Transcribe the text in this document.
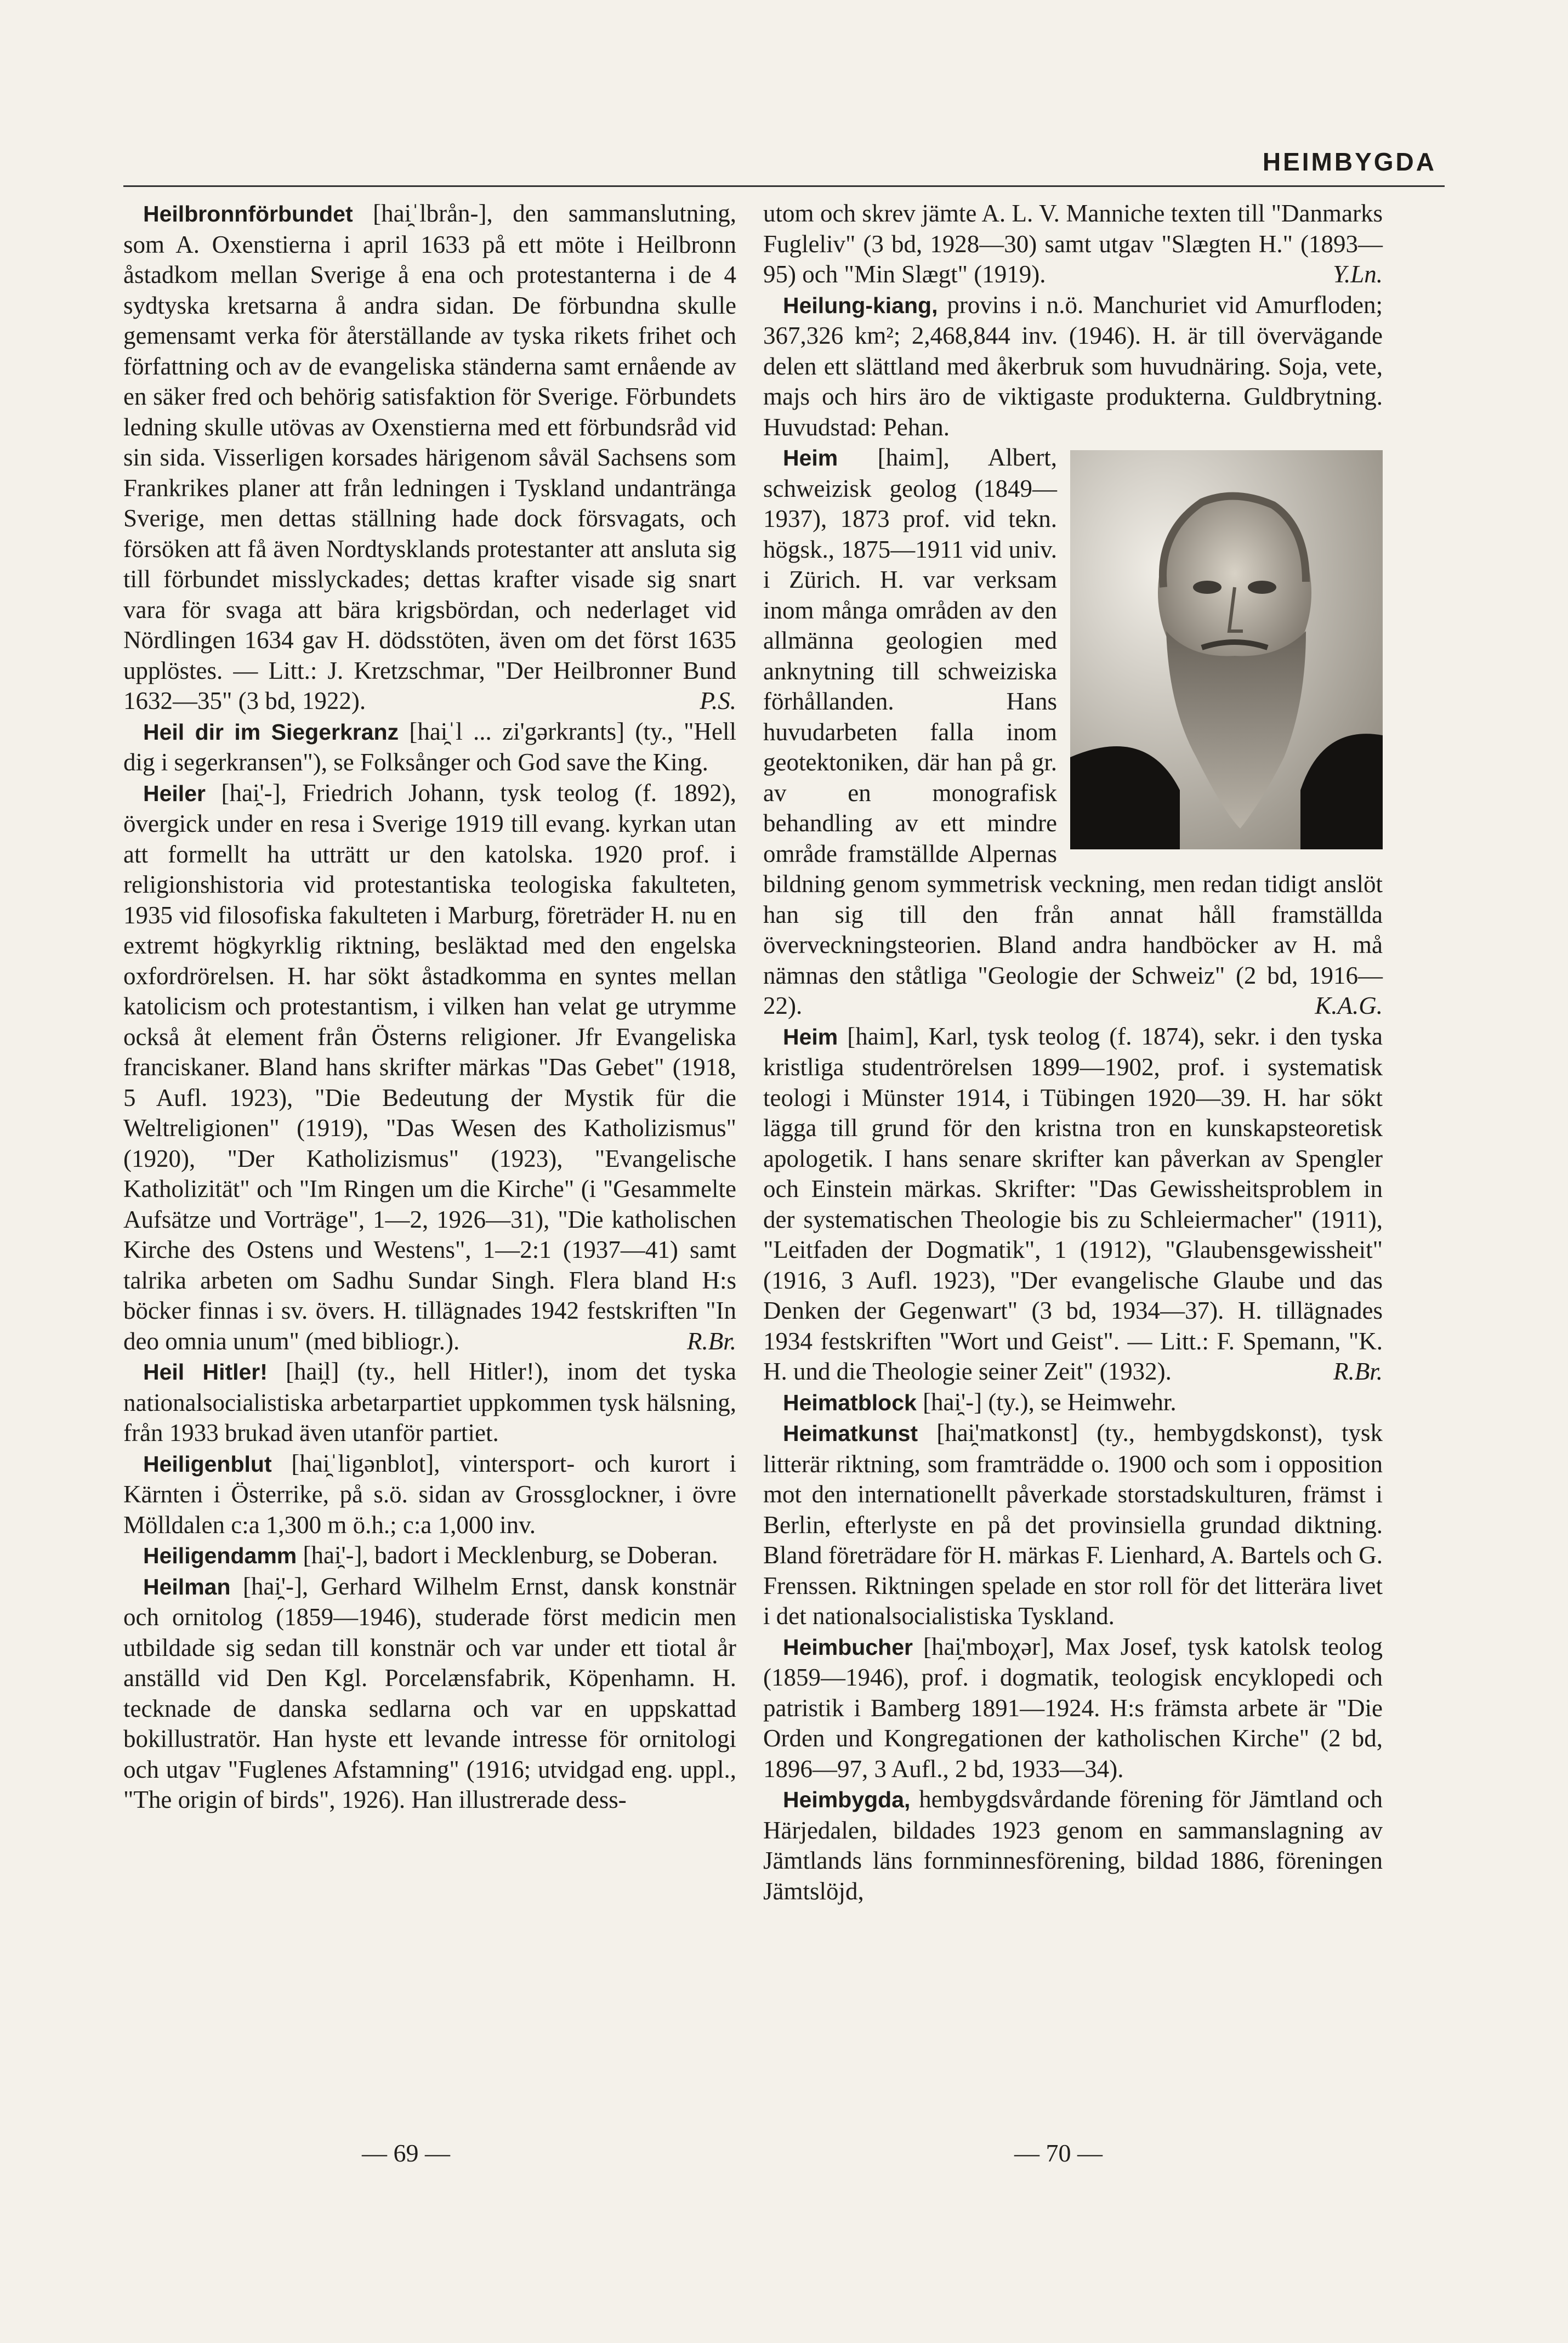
HEIMBYGDA

Heilbronnförbundet [hai̯ˈlbrån-], den sammanslutning, som A. Oxenstierna i april 1633 på ett möte i Heilbronn åstadkom mellan Sverige å ena och protestanterna i de 4 sydtyska kretsarna å andra sidan. De förbundna skulle gemensamt verka för återställande av tyska rikets frihet och författning och av de evangeliska ständerna samt ernående av en säker fred och behörig satisfaktion för Sverige. Förbundets ledning skulle utövas av Oxenstierna med ett förbundsråd vid sin sida. Visserligen korsades härigenom såväl Sachsens som Frankrikes planer att från ledningen i Tyskland undantränga Sverige, men dettas ställning hade dock försvagats, och försöken att få även Nordtysklands protestanter att ansluta sig till förbundet misslyckades; dettas krafter visade sig snart vara för svaga att bära krigsbördan, och nederlaget vid Nördlingen 1634 gav H. dödsstöten, även om det först 1635 upplöstes. — Litt.: J. Kretzschmar, "Der Heilbronner Bund 1632—35" (3 bd, 1922).	P.S.

Heil dir im Siegerkranz [hai̯ˈl ... zi'gərkrants] (ty., "Hell dig i segerkransen"), se Folksånger och God save the King.

Heiler [hai̯'-], Friedrich Johann, tysk teolog (f. 1892), övergick under en resa i Sverige 1919 till evang. kyrkan utan att formellt ha utträtt ur den katolska. 1920 prof. i religionshistoria vid protestantiska teologiska fakulteten, 1935 vid filosofiska fakulteten i Marburg, företräder H. nu en extremt högkyrklig riktning, besläktad med den engelska oxfordrörelsen. H. har sökt åstadkomma en syntes mellan katolicism och protestantism, i vilken han velat ge utrymme också åt element från Österns religioner. Jfr Evangeliska franciskaner. Bland hans skrifter märkas "Das Gebet" (1918, 5 Aufl. 1923), "Die Bedeutung der Mystik für die Weltreligionen" (1919), "Das Wesen des Katholizismus" (1920), "Der Katholizismus" (1923), "Evangelische Katholizität" och "Im Ringen um die Kirche" (i "Gesammelte Aufsätze und Vorträge", 1—2, 1926—31), "Die katholischen Kirche des Ostens und Westens", 1—2:1 (1937—41) samt talrika arbeten om Sadhu Sundar Singh. Flera bland H:s böcker finnas i sv. övers. H. tillägnades 1942 festskriften "In deo omnia unum" (med bibliogr.).	R.Br.

Heil Hitler! [hai̯l] (ty., hell Hitler!), inom det tyska nationalsocialistiska arbetarpartiet uppkommen tysk hälsning, från 1933 brukad även utanför partiet.

Heiligenblut [hai̯ˈligənblot], vintersport- och kurort i Kärnten i Österrike, på s.ö. sidan av Grossglockner, i övre Mölldalen c:a 1,300 m ö.h.; c:a 1,000 inv.

Heiligendamm [hai̯'-], badort i Mecklenburg, se Doberan.

Heilman [hai̯'-], Gerhard Wilhelm Ernst, dansk konstnär och ornitolog (1859—1946), studerade först medicin men utbildade sig sedan till konstnär och var under ett tiotal år anställd vid Den Kgl. Porcelænsfabrik, Köpenhamn. H. tecknade de danska sedlarna och var en uppskattad bokillustratör. Han hyste ett levande intresse för ornitologi och utgav "Fuglenes Afstamning" (1916; utvidgad eng. uppl., "The origin of birds", 1926). Han illustrerade dess-

utom och skrev jämte A. L. V. Manniche texten till "Danmarks Fugleliv" (3 bd, 1928—30) samt utgav "Slægten H." (1893—95) och "Min Slægt" (1919).	Y.Ln.

Heilung-kiang, provins i n.ö. Manchuriet vid Amurfloden; 367,326 km²; 2,468,844 inv. (1946). H. är till övervägande delen ett slättland med åkerbruk som huvudnäring. Soja, vete, majs och hirs äro de viktigaste produkterna. Guldbrytning. Huvudstad: Pehan.

Heim
[haim], Albert, schweizisk geolog (1849—1937), 1873 prof. vid tekn. högsk., 1875—1911 vid univ. i Zürich. H. var verksam inom många områden av den allmänna geologien med anknytning till schweiziska förhållanden. Hans huvudarbeten falla inom geotektoniken, där han på gr. av en monografisk behandling av ett mindre område framställde Alpernas bildning genom symmetrisk veckning, men redan tidigt anslöt han sig till den från annat håll framställda överveckningsteorien. Bland andra handböcker av H. må nämnas den ståtliga "Geologie der Schweiz" (2 bd, 1916—22).	K.A.G.

Heim [haim], Karl, tysk teolog (f. 1874), sekr. i den tyska kristliga studentrörelsen 1899—1902, prof. i systematisk teologi i Münster 1914, i Tübingen 1920—39. H. har sökt lägga till grund för den kristna tron en kunskapsteoretisk apologetik. I hans senare skrifter kan påverkan av Spengler och Einstein märkas. Skrifter: "Das Gewissheitsproblem in der systematischen Theologie bis zu Schleiermacher" (1911), "Leitfaden der Dogmatik", 1 (1912), "Glaubensgewissheit" (1916, 3 Aufl. 1923), "Der evangelische Glaube und das Denken der Gegenwart" (3 bd, 1934—37). H. tillägnades 1934 festskriften "Wort und Geist". — Litt.: F. Spemann, "K. H. und die Theologie seiner Zeit" (1932).	R.Br.

Heimatblock [hai̯'-] (ty.), se Heimwehr.

Heimatkunst [hai̯'matkonst] (ty., hembygdskonst), tysk litterär riktning, som framträdde o. 1900 och som i opposition mot den internationellt påverkade storstadskulturen, främst i Berlin, efterlyste en på det provinsiella grundad diktning. Bland företrädare för H. märkas F. Lienhard, A. Bartels och G. Frenssen. Riktningen spelade en stor roll för det litterära livet i det nationalsocialistiska Tyskland.

Heimbucher [hai̯'mboχər], Max Josef, tysk katolsk teolog (1859—1946), prof. i dogmatik, teologisk encyklopedi och patristik i Bamberg 1891—1924. H:s främsta arbete är "Die Orden und Kongregationen der katholischen Kirche" (2 bd, 1896—97, 3 Aufl., 2 bd, 1933—34).

Heimbygda, hembygdsvårdande förening för Jämtland och Härjedalen, bildades 1923 genom en sammanslagning av Jämtlands läns fornminnesförening, bildad 1886, föreningen Jämtslöjd,

— 69 —	— 70 —
